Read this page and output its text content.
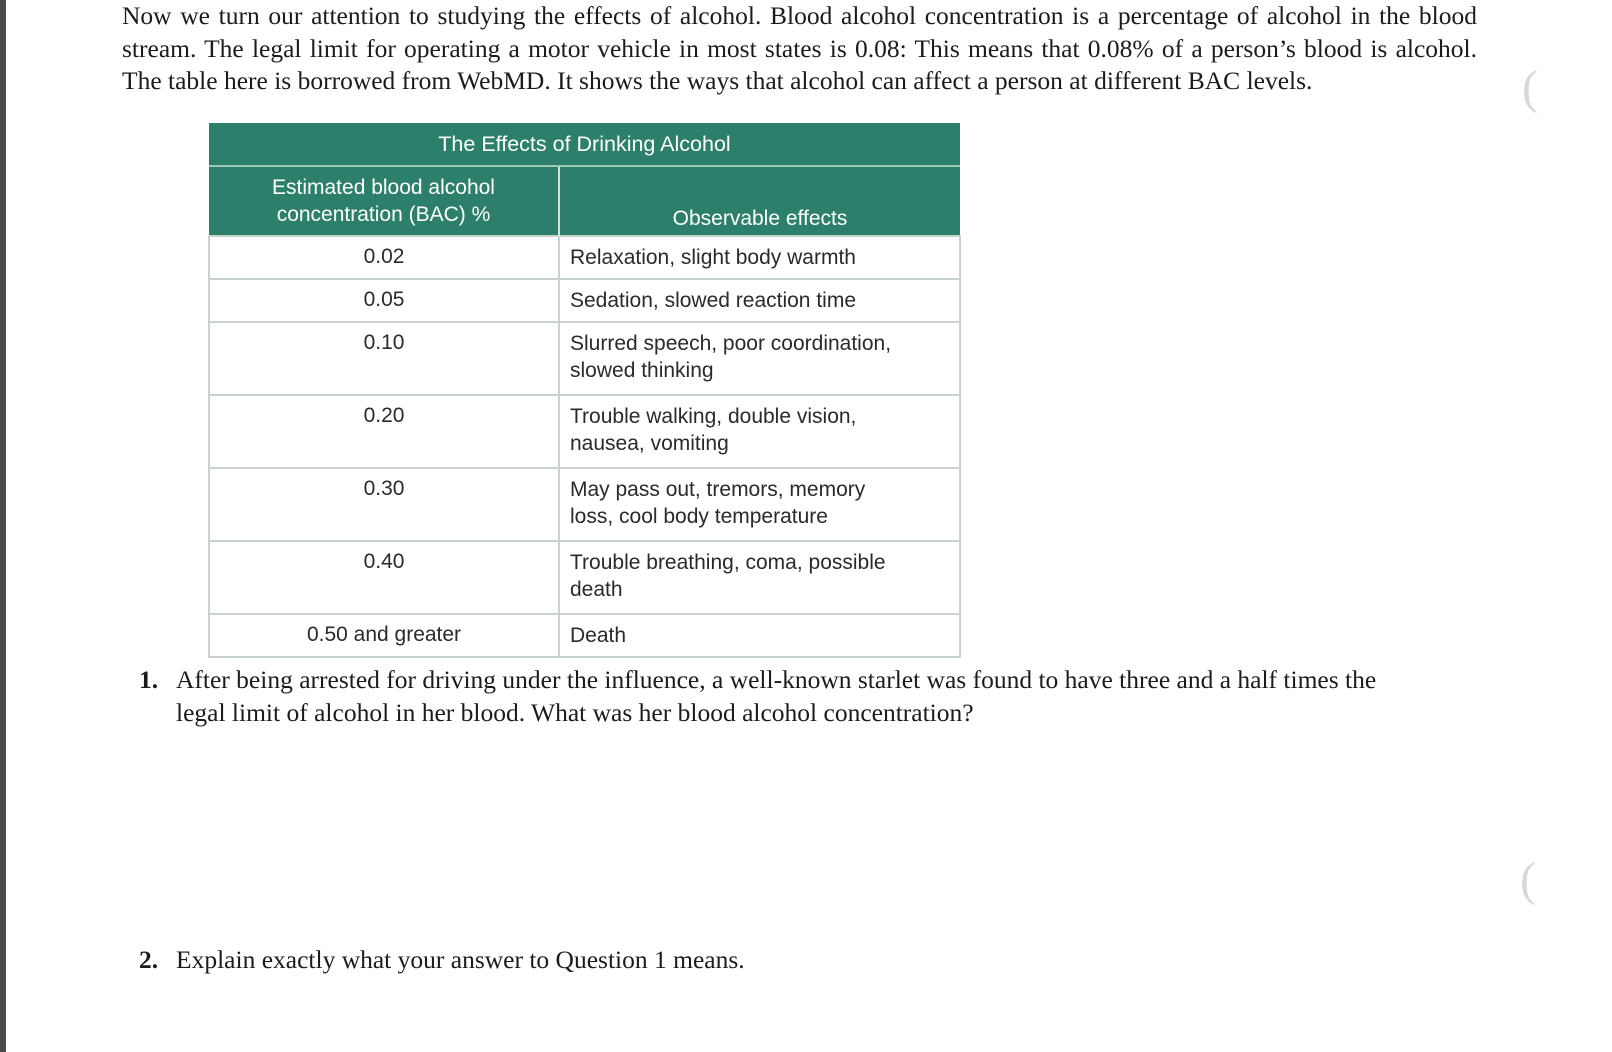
Now we turn our attention to studying the effects of alcohol. Blood alcohol concentration is a percentage of alcohol in the blood stream. The legal limit for operating a motor vehicle in most states is 0.08: This means that 0.08% of a person’s blood is alcohol. The table here is borrowed from WebMD. It shows the ways that alcohol can affect a person at different BAC levels.	(
(
The Effects of Drinking Alcohol	
Estimated blood alcohol
concentration (BAC) %	Observable effects
0.02	Relaxation, slight body warmth
0.05	Sedation, slowed reaction time
0.10	Slurred speech, poor coordination,
slowed thinking
0.20	Trouble walking, double vision,
nausea, vomiting
0.30	May pass out, tremors, memory
loss, cool body temperature
0.40	Trouble breathing, coma, possible
death
0.50 and greater	Death
1. After being arrested for driving under the influence, a well-known starlet was found to have three and a half times the
legal limit of alcohol in her blood. What was her blood alcohol concentration?
2. Explain exactly what your answer to Question 1 means.
